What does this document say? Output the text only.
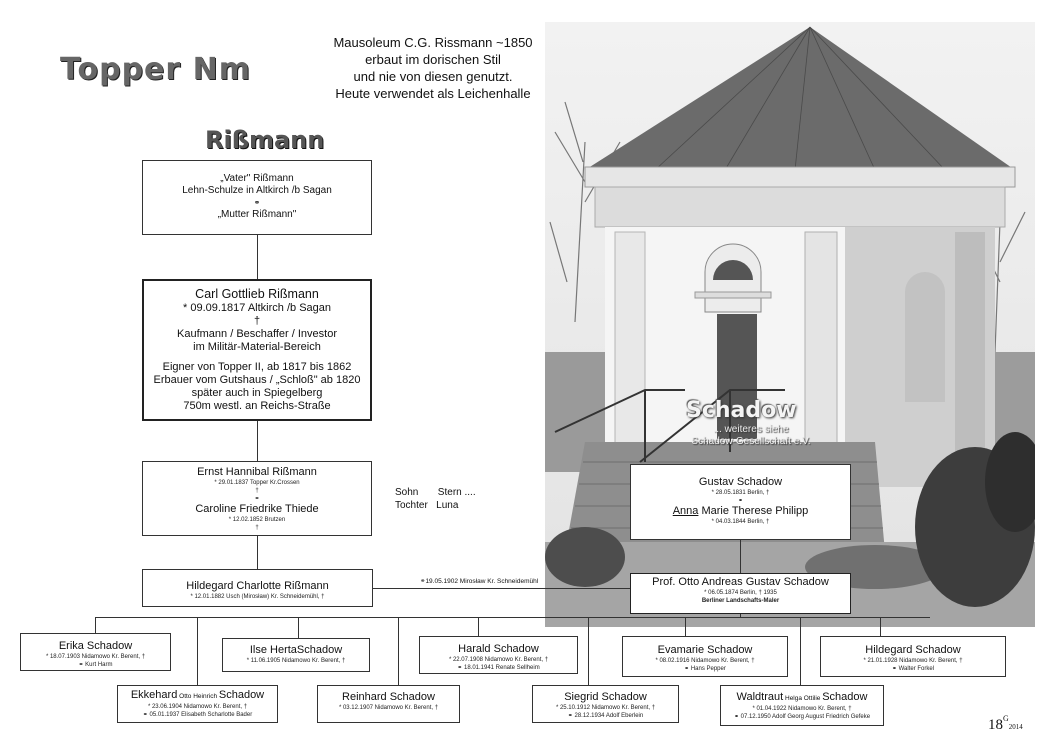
Topper Nm
Mausoleum C.G. Rissmann ~1850
erbaut im dorischen Stil
und nie von diesen genutzt.
Heute verwendet als Leichenhalle
Rißmann
„Vater" Rißmann
Lehn-Schulze in Altkirch /b Sagan
⚭
„Mutter Rißmann"
Carl Gottlieb Rißmann
* 09.09.1817 Altkirch /b Sagan
†
Kaufmann / Beschaffer / Investor
im Militär-Material-Bereich
Eigner von Topper II, ab 1817 bis 1862
Erbauer vom Gutshaus / „Schloß" ab 1820
später auch in Spiegelberg
750m westl. an Reichs-Straße
Ernst Hannibal Rißmann
* 29.01.1837 Topper Kr.Crossen
†
⚭
Caroline Friedrike Thiede
* 12.02.1852 Brutzen
†
Sohn       Stern ....
Tochter   Luna
Hildegard Charlotte Rißmann
* 12.01.1882 Usch (Mirosław) Kr. Schneidemühl, †
⚭19.05.1902 Mirosław Kr. Schneidemühl
Schadow
... weiteres siehe
Schadow-Gesellschaft e.V.
Gustav Schadow
* 28.05.1831 Berlin, †
⚭
Anna Marie Therese Philipp
* 04.03.1844 Berlin, †
Prof. Otto Andreas Gustav Schadow
* 06.05.1874 Berlin, † 1935
Berliner Landschafts-Maler
Erika Schadow
* 18.07.1903 Nidamowo Kr. Berent, †
⚭ Kurt Harm
Ilse HertaSchadow
* 11.06.1905 Nidamowo Kr. Berent, †
Harald Schadow
* 22.07.1908 Nidamowo Kr. Berent, †
⚭ 18.01.1941 Renate Sellheim
Evamarie Schadow
* 08.02.1916 Nidamowo Kr. Berent, †
⚭ Hans Pepper
Hildegard Schadow
* 21.01.1928 Nidamowo Kr. Berent, †
⚭ Walter Forkel
Ekkehard Otto Heinrich Schadow
* 23.06.1904 Nidamowo Kr. Berent, †
⚭ 05.01.1937 Elisabeth Scharlotte Bader
Reinhard Schadow
* 03.12.1907 Nidamowo Kr. Berent, †
Siegrid Schadow
* 25.10.1912 Nidamowo Kr. Berent, †
⚭ 28.12.1934 Adolf Eberlein
Waldtraut Helga Ottilie Schadow
* 01.04.1922 Nidamowo Kr. Berent, †
⚭ 07.12.1950 Adolf Georg August Friedrich Gefeke	$18^G2014$
